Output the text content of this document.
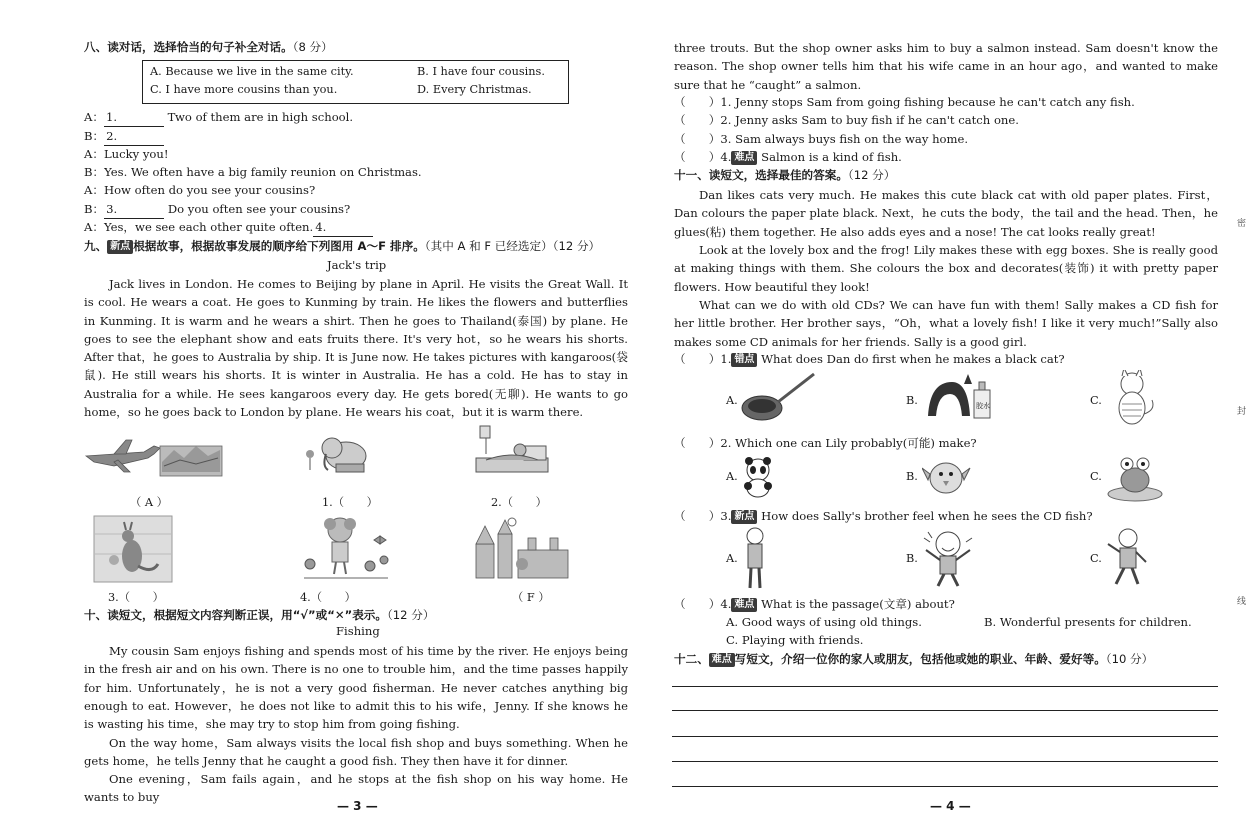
八、读对话，选择恰当的句子补全对话。（8 分）
A. Because we live in the same city.	B. I have four cousins.
C. I have more cousins than you.	D. Every Christmas.
A： 1.	Two of them are in high school.
B： 2.
A：Lucky you!
B：Yes. We often have a big family reunion on Christmas.
A：How often do you see your cousins?
B： 3.	Do you often see your cousins?
A：Yes，we see each other quite often. 4.
九、 新点 根据故事，根据故事发展的顺序给下列图用 A～F 排序。（其中 A 和 F 已经选定）（12 分）
Jack's trip
Jack lives in London. He comes to Beijing by plane in April. He visits the Great Wall. It is cool. He wears a coat. He goes to Kunming by train. He likes the flowers and butterflies in Kunming. It is warm and he wears a shirt. Then he goes to Thailand(泰国) by plane. He goes to see the elephant show and eats fruits there. It's very hot，so he wears his shorts. After that，he goes to Australia by ship. It is June now. He takes pictures with kangaroos(袋鼠). He still wears his shorts. It is winter in Australia. He has a cold. He has to stay in Australia for a while. He sees kangaroos every day. He gets bored(无聊). He wants to go home，so he goes back to London by plane. He wears his coat，but it is warm there.
（ A ）	1.（　　）	2.（　　）
3.（　　）	4.（　　）	（ F ）
十、读短文，根据短文内容判断正误，用“√”或“✕”表示。（12 分）
Fishing
My cousin Sam enjoys fishing and spends most of his time by the river. He enjoys being in the fresh air and on his own. There is no one to trouble him，and the time passes happily for him. Unfortunately，he is not a very good fisherman. He never catches anything big enough to eat. However，he does not like to admit this to his wife，Jenny. If she knows he is wasting his time，she may try to stop him from going fishing.
On the way home，Sam always visits the local fish shop and buys something. When he gets home，he tells Jenny that he caught a good fish. They then have it for dinner.
One evening，Sam fails again，and he stops at the fish shop on his way home. He wants to buy
— 3 —
three trouts. But the shop owner asks him to buy a salmon instead. Sam doesn't know the reason. The shop owner tells him that his wife came in an hour ago，and wanted to make sure that he “caught” a salmon.
（　　）1. Jenny stops Sam from going fishing because he can't catch any fish.
（　　）2. Jenny asks Sam to buy fish if he can't catch one.
（　　）3. Sam always buys fish on the way home.
（　　）4. 难点 Salmon is a kind of fish.
十一、读短文，选择最佳的答案。（12 分）
Dan likes cats very much. He makes this cute black cat with old paper plates. First，Dan colours the paper plate black. Next，he cuts the body，the tail and the head. Then，he glues(粘) them together. He also adds eyes and a nose! The cat looks really great!
Look at the lovely box and the frog! Lily makes these with egg boxes. She is really good at making things with them. She colours the box and decorates(装饰) it with pretty paper flowers. How beautiful they look!
What can we do with old CDs? We can have fun with them! Sally makes a CD fish for her little brother. Her brother says，“Oh，what a lovely fish! I like it very much!”Sally also makes some CD animals for her friends. Sally is a good girl.
（　　）1. 错点 What does Dan do first when he makes a black cat?
A.	B.	胶水	C.
（　　）2. Which one can Lily probably(可能) make?
A.	B.	C.
（　　）3. 新点 How does Sally's brother feel when he sees the CD fish?
A.	B.	C.
（　　）4. 难点 What is the passage(文章) about?
A. Good ways of using old things.	B. Wonderful presents for children.
C. Playing with friends.
十二、 难点 写短文，介绍一位你的家人或朋友，包括他或她的职业、年龄、爱好等。（10 分）
— 4 —
密
封
线
